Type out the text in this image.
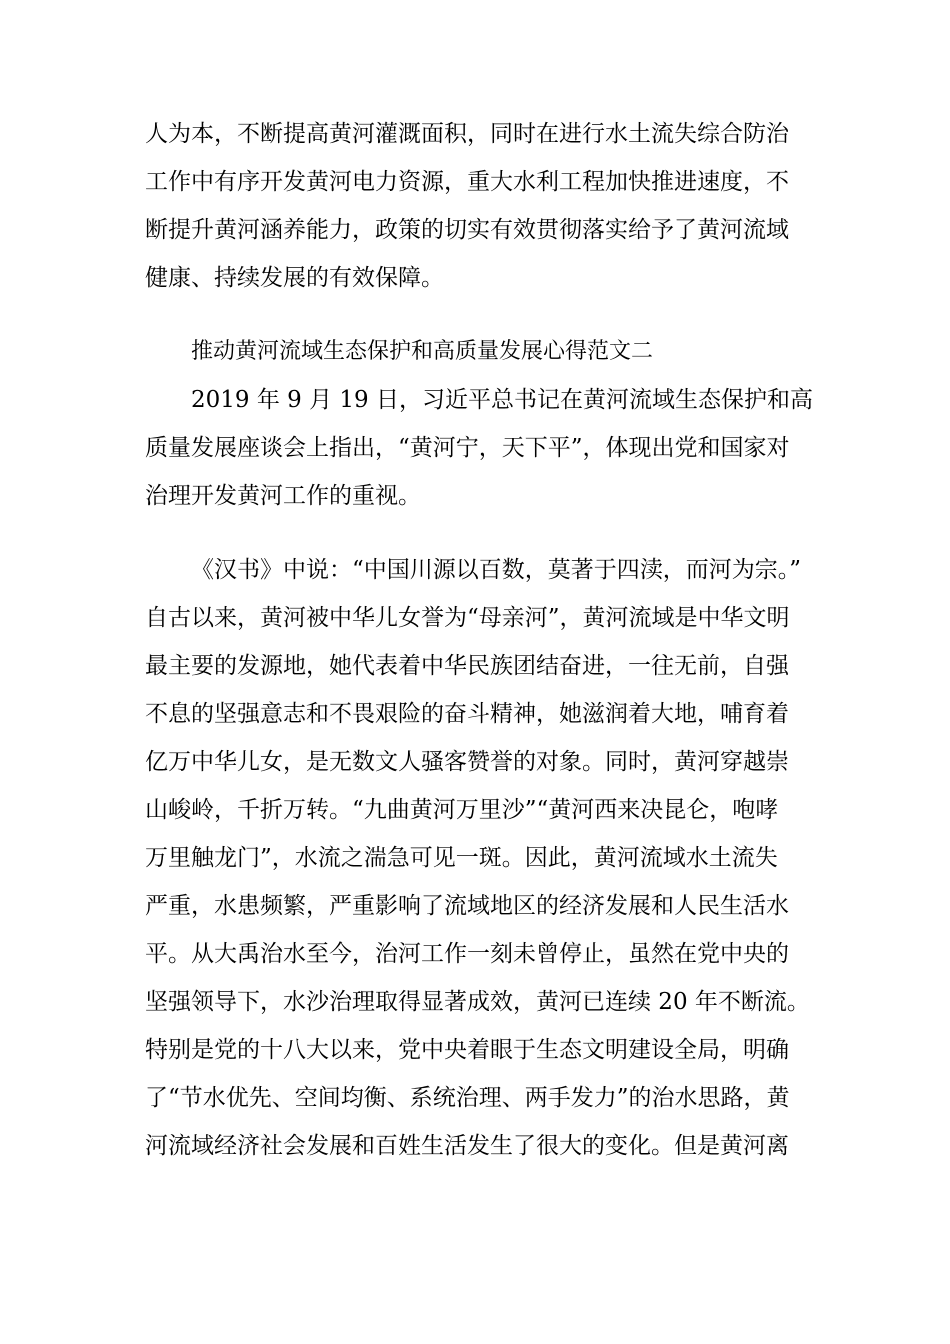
人为本，不断提高黄河灌溉面积，同时在进行水土流失综合防治
工作中有序开发黄河电力资源，重大水利工程加快推进速度，不
断提升黄河涵养能力，政策的切实有效贯彻落实给予了黄河流域
健康、持续发展的有效保障。
推动黄河流域生态保护和高质量发展心得范文二
2019 年 9 月 19 日，习近平总书记在黄河流域生态保护和高
质量发展座谈会上指出，“黄河宁，天下平”，体现出党和国家对
治理开发黄河工作的重视。
《汉书》中说：“中国川源以百数，莫著于四渎，而河为宗。”
自古以来，黄河被中华儿女誉为“母亲河”，黄河流域是中华文明
最主要的发源地，她代表着中华民族团结奋进，一往无前，自强
不息的坚强意志和不畏艰险的奋斗精神，她滋润着大地，哺育着
亿万中华儿女，是无数文人骚客赞誉的对象。同时，黄河穿越崇
山峻岭，千折万转。“九曲黄河万里沙”“黄河西来决昆仑，咆哮
万里触龙门”，水流之湍急可见一斑。因此，黄河流域水土流失
严重，水患频繁，严重影响了流域地区的经济发展和人民生活水
平。从大禹治水至今，治河工作一刻未曾停止，虽然在党中央的
坚强领导下，水沙治理取得显著成效，黄河已连续 20 年不断流。
特别是党的十八大以来，党中央着眼于生态文明建设全局，明确
了“节水优先、空间均衡、系统治理、两手发力”的治水思路，黄
河流域经济社会发展和百姓生活发生了很大的变化。但是黄河离
